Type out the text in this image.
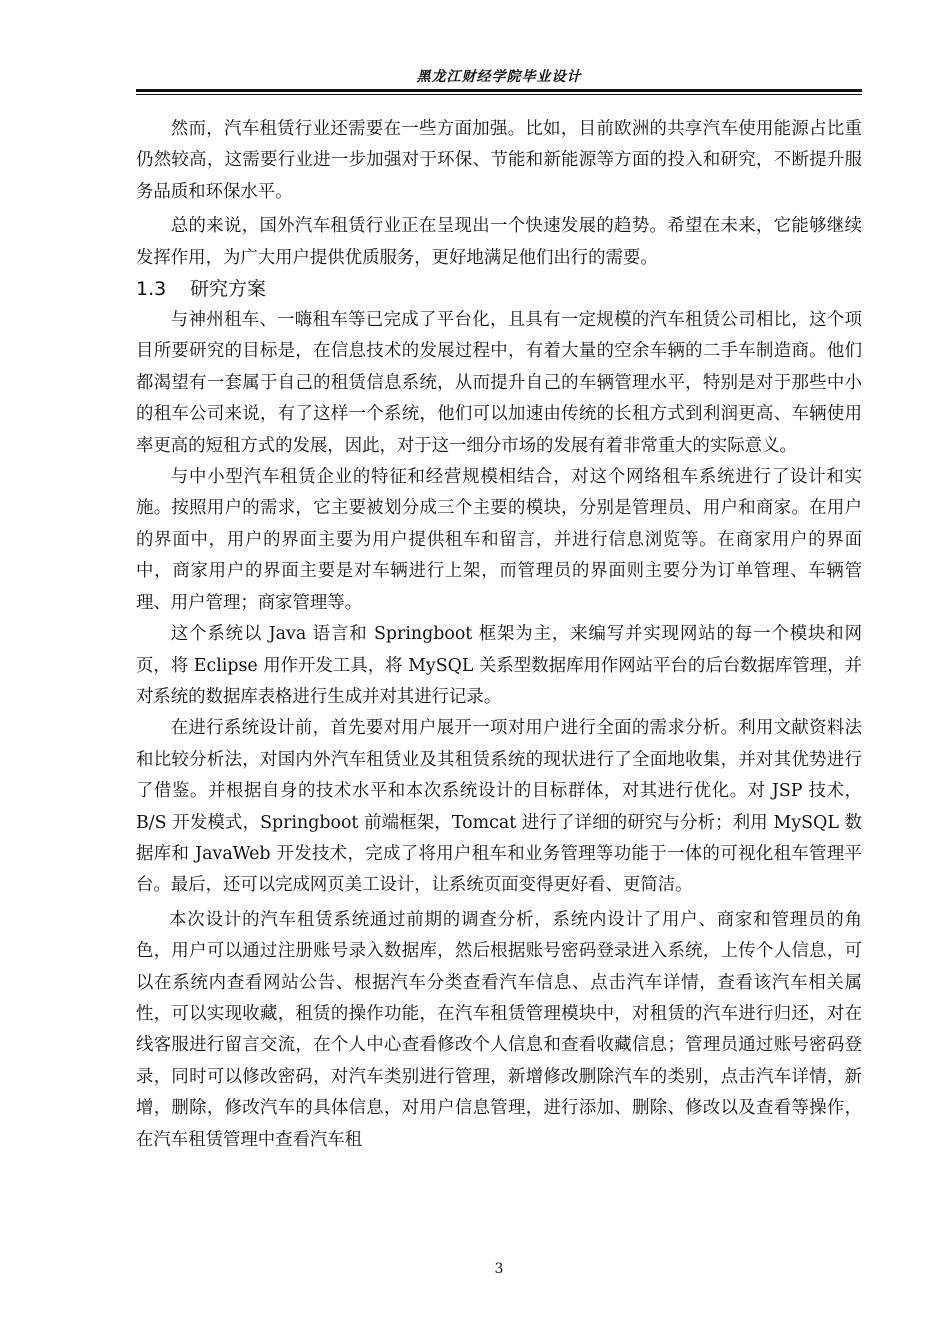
黑龙江财经学院毕业设计

然而，汽车租赁行业还需要在一些方面加强。比如，目前欧洲的共享汽车使用能源占比重仍然较高，这需要行业进一步加强对于环保、节能和新能源等方面的投入和研究，不断提升服务品质和环保水平。

总的来说，国外汽车租赁行业正在呈现出一个快速发展的趋势。希望在未来，它能够继续发挥作用，为广大用户提供优质服务，更好地满足他们出行的需要。

1.3 研究方案

与神州租车、一嗨租车等已完成了平台化，且具有一定规模的汽车租赁公司相比，这个项目所要研究的目标是，在信息技术的发展过程中，有着大量的空余车辆的二手车制造商。他们都渴望有一套属于自己的租赁信息系统，从而提升自己的车辆管理水平，特别是对于那些中小的租车公司来说，有了这样一个系统，他们可以加速由传统的长租方式到利润更高、车辆使用率更高的短租方式的发展，因此，对于这一细分市场的发展有着非常重大的实际意义。

与中小型汽车租赁企业的特征和经营规模相结合，对这个网络租车系统进行了设计和实施。按照用户的需求，它主要被划分成三个主要的模块，分别是管理员、用户和商家。在用户的界面中，用户的界面主要为用户提供租车和留言，并进行信息浏览等。在商家用户的界面中，商家用户的界面主要是对车辆进行上架，而管理员的界面则主要分为订单管理、车辆管理、用户管理；商家管理等。

这个系统以 Java 语言和 Springboot 框架为主，来编写并实现网站的每一个模块和网页，将 Eclipse 用作开发工具，将 MySQL 关系型数据库用作网站平台的后台数据库管理，并对系统的数据库表格进行生成并对其进行记录。

在进行系统设计前，首先要对用户展开一项对用户进行全面的需求分析。利用文献资料法和比较分析法，对国内外汽车租赁业及其租赁系统的现状进行了全面地收集，并对其优势进行了借鉴。并根据自身的技术水平和本次系统设计的目标群体，对其进行优化。对 JSP 技术，B/S 开发模式，Springboot 前端框架，Tomcat 进行了详细的研究与分析；利用 MySQL 数据库和 JavaWeb 开发技术，完成了将用户租车和业务管理等功能于一体的可视化租车管理平台。最后，还可以完成网页美工设计，让系统页面变得更好看、更简洁。

本次设计的汽车租赁系统通过前期的调查分析，系统内设计了用户、商家和管理员的角色，用户可以通过注册账号录入数据库，然后根据账号密码登录进入系统，上传个人信息，可以在系统内查看网站公告、根据汽车分类查看汽车信息、点击汽车详情，查看该汽车相关属性，可以实现收藏，租赁的操作功能，在汽车租赁管理模块中，对租赁的汽车进行归还，对在线客服进行留言交流，在个人中心查看修改个人信息和查看收藏信息；管理员通过账号密码登录，同时可以修改密码，对汽车类别进行管理，新增修改删除汽车的类别，点击汽车详情，新增，删除，修改汽车的具体信息，对用户信息管理，进行添加、删除、修改以及查看等操作，在汽车租赁管理中查看汽车租

3
